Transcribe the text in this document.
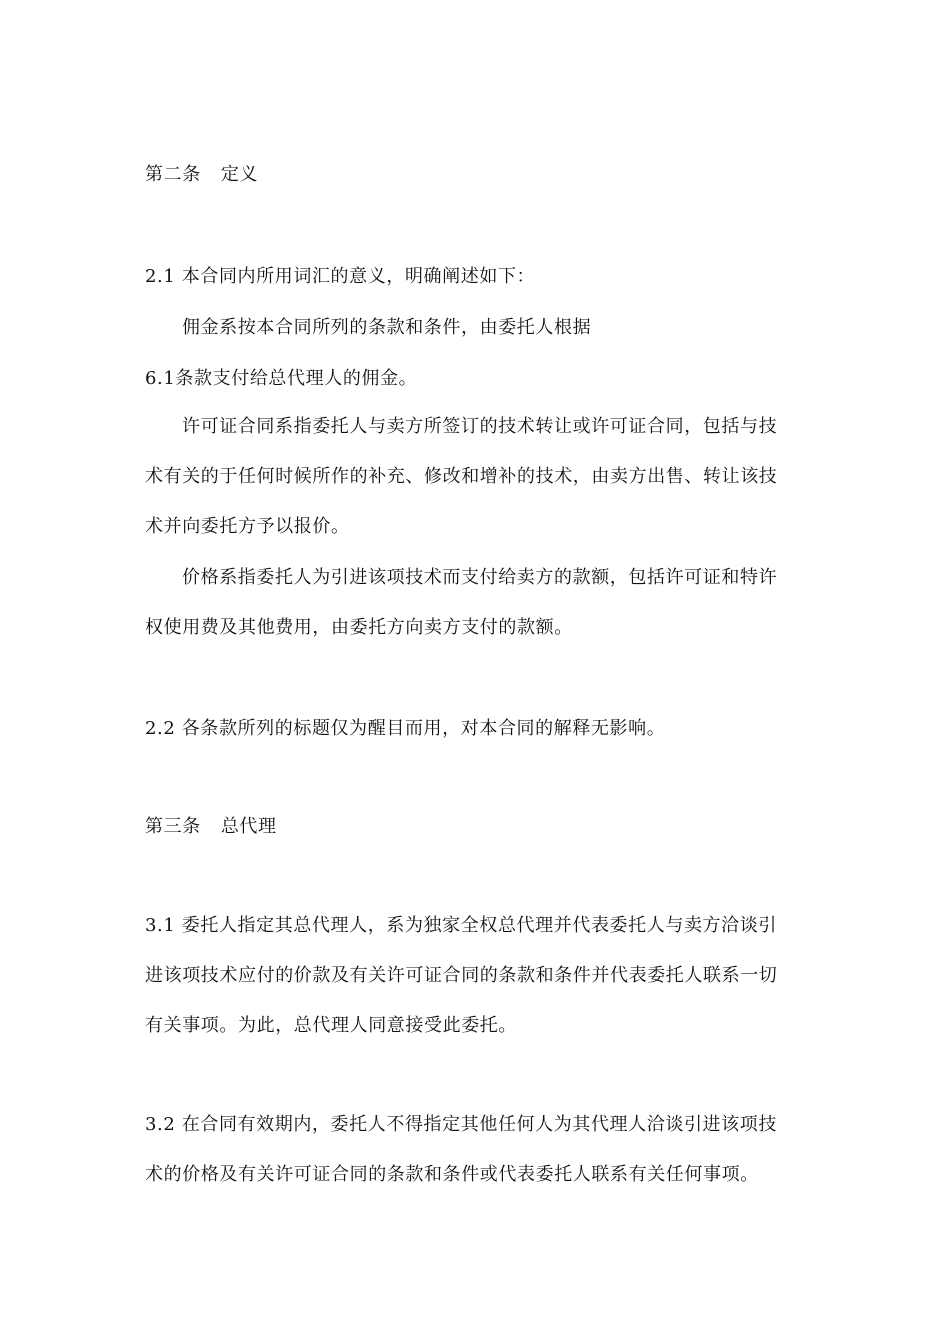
第二条 定义
2.1 本合同内所用词汇的意义，明确阐述如下：
佣金系按本合同所列的条款和条件，由委托人根据
6.1条款支付给总代理人的佣金。
许可证合同系指委托人与卖方所签订的技术转让或许可证合同，包括与技
术有关的于任何时候所作的补充、修改和增补的技术，由卖方出售、转让该技
术并向委托方予以报价。
价格系指委托人为引进该项技术而支付给卖方的款额，包括许可证和特许
权使用费及其他费用，由委托方向卖方支付的款额。
2.2 各条款所列的标题仅为醒目而用，对本合同的解释无影响。
第三条 总代理
3.1 委托人指定其总代理人，系为独家全权总代理并代表委托人与卖方洽谈引
进该项技术应付的价款及有关许可证合同的条款和条件并代表委托人联系一切
有关事项。为此，总代理人同意接受此委托。
3.2 在合同有效期内，委托人不得指定其他任何人为其代理人洽谈引进该项技
术的价格及有关许可证合同的条款和条件或代表委托人联系有关任何事项。
